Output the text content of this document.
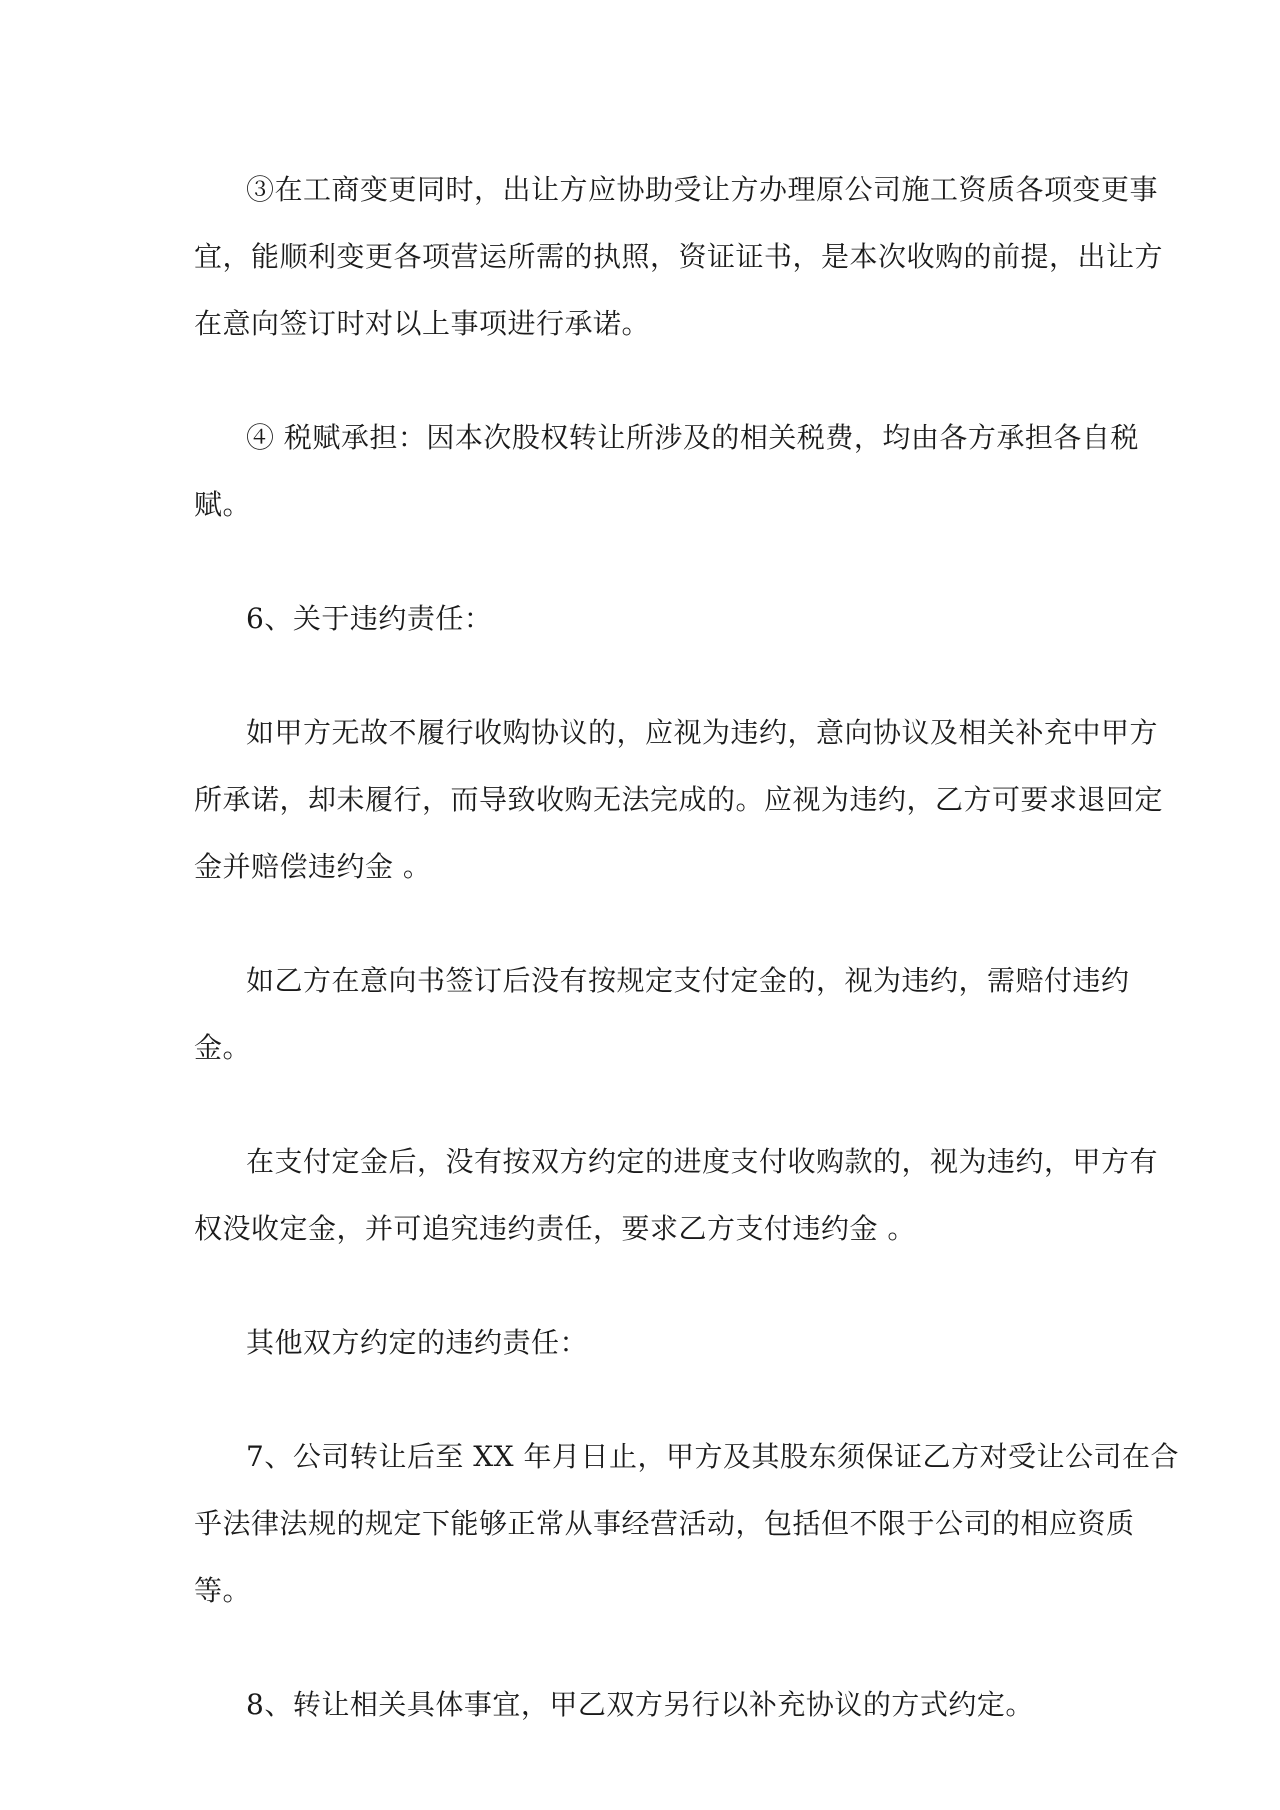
③在工商变更同时，出让方应协助受让方办理原公司施工资质各项变更事
宜，能顺利变更各项营运所需的执照，资证证书，是本次收购的前提，出让方
在意向签订时对以上事项进行承诺。
④ 税赋承担：因本次股权转让所涉及的相关税费，均由各方承担各自税
赋。
6、关于违约责任：
如甲方无故不履行收购协议的，应视为违约，意向协议及相关补充中甲方
所承诺，却未履行，而导致收购无法完成的。应视为违约，乙方可要求退回定
金并赔偿违约金 。
如乙方在意向书签订后没有按规定支付定金的，视为违约，需赔付违约
金。
在支付定金后，没有按双方约定的进度支付收购款的，视为违约，甲方有
权没收定金，并可追究违约责任，要求乙方支付违约金 。
其他双方约定的违约责任：
7、公司转让后至 XX 年月日止，甲方及其股东须保证乙方对受让公司在合
乎法律法规的规定下能够正常从事经营活动，包括但不限于公司的相应资质
等。
8、转让相关具体事宜，甲乙双方另行以补充协议的方式约定。
